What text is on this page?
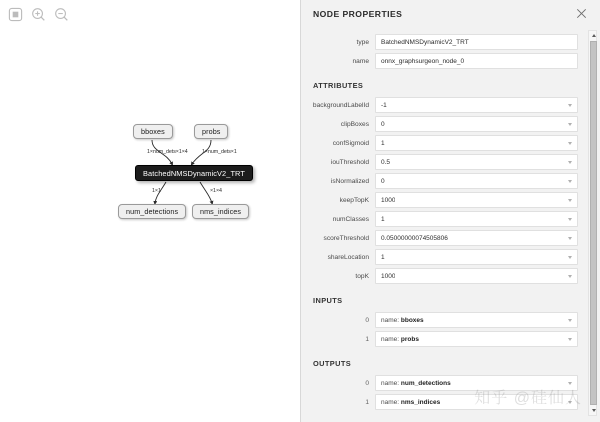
bboxes	probs
BatchedNMSDynamicV2_TRT
num_detections	nms_indices
1×num_dets×1×4	1×num_dets×1
1×1	×1×4
NODE PROPERTIES
type	BatchedNMSDynamicV2_TRT
name	onnx_graphsurgeon_node_0
ATTRIBUTES
backgroundLabelId	-1
clipBoxes	0
confSigmoid	1
iouThreshold	0.5
isNormalized	0
keepTopK	1000
numClasses	1
scoreThreshold	0.05000000074505806
shareLocation	1
topK	1000
INPUTS
0	name: bboxes
1	name: probs
OUTPUTS
0	name: num_detections
1	name: nms_indices 知乎 @硅仙人
